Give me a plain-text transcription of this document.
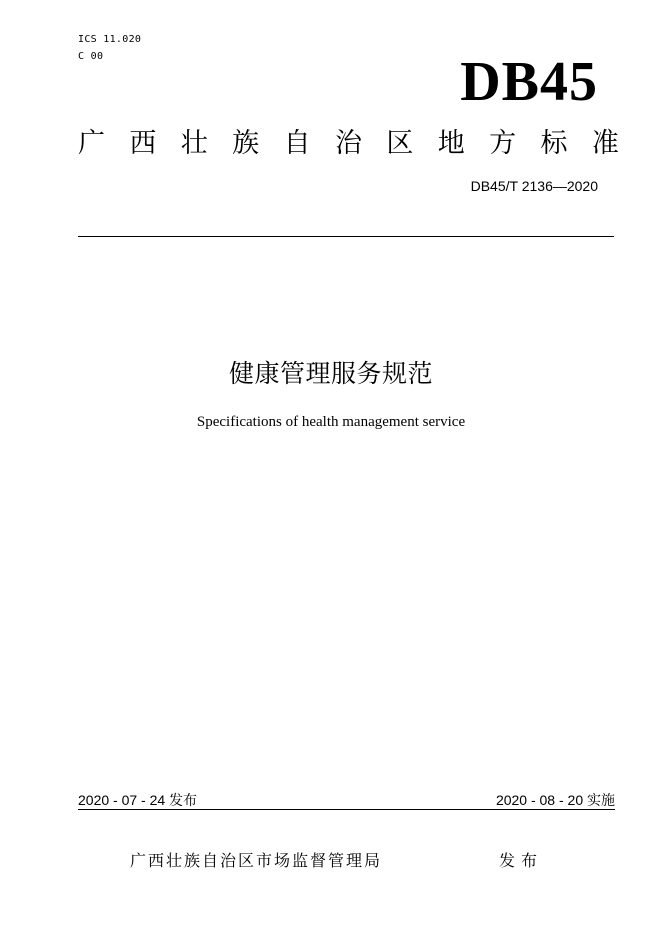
ICS 11.020
C 00	DB45
广 西 壮 族 自 治 区 地 方 标 准
DB45/T 2136—2020
健康管理服务规范
Specifications of health management service
2020 - 07 - 24 发布	2020 - 08 - 20 实施
广西壮族自治区市场监督管理局	发布
